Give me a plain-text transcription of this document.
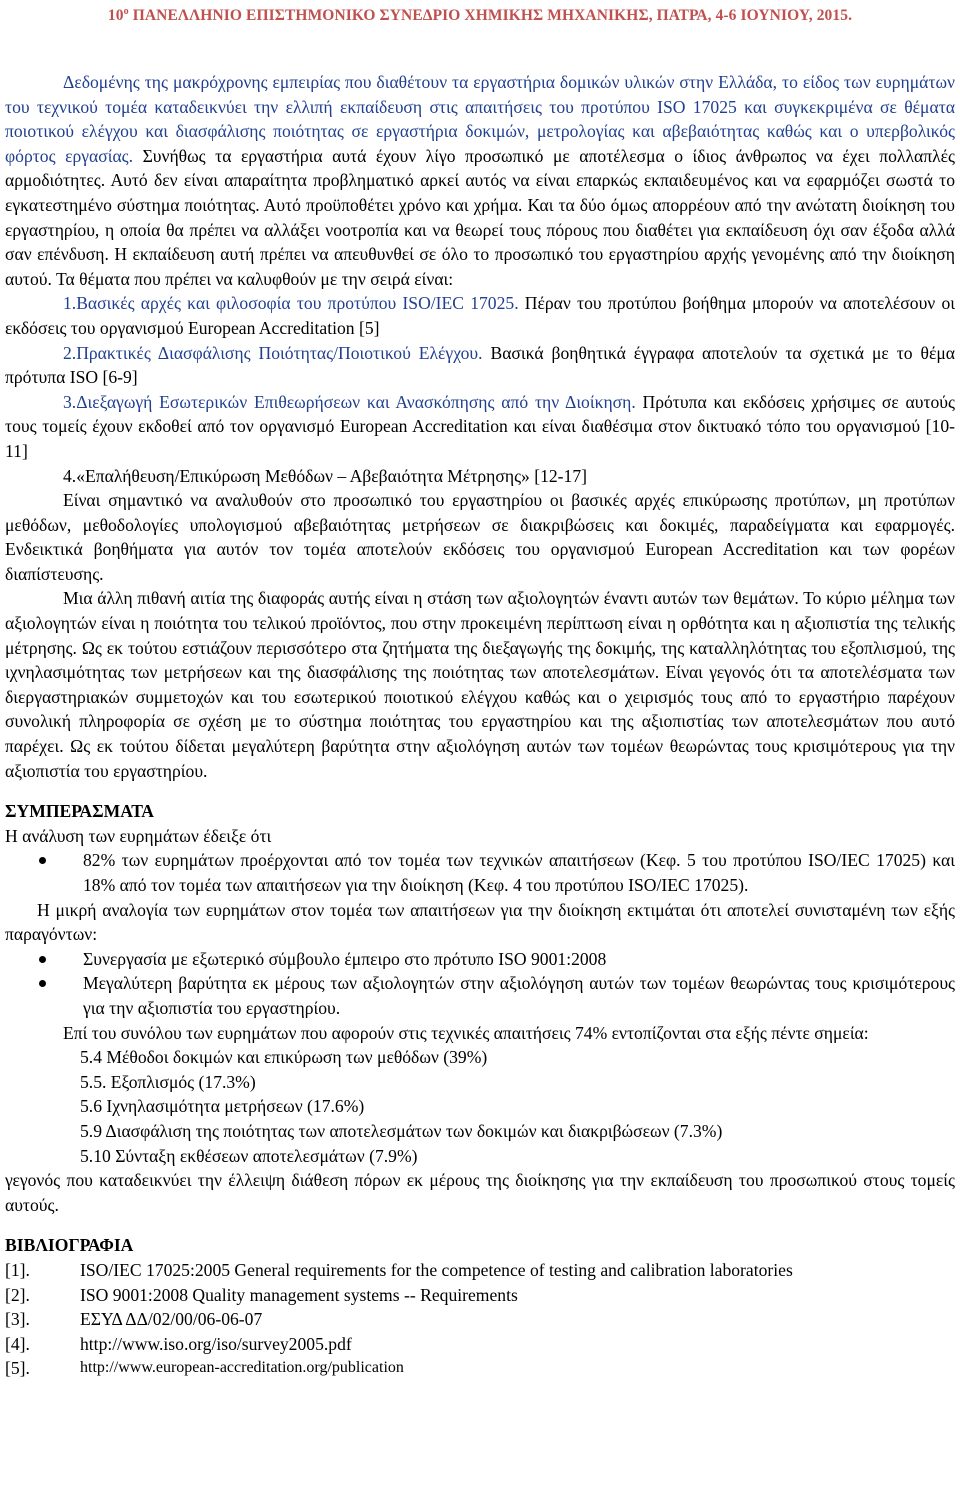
$10^o$ ΠΑΝΕΛΛΗΝΙΟ ΕΠΙΣΤΗΜΟΝΙΚΟ ΣΥΝΕΔΡΙΟ ΧΗΜΙΚΗΣ ΜΗΧΑΝΙΚΗΣ, ΠΑΤΡΑ, 4-6 ΙΟΥΝΙΟΥ, 2015.

Δεδομένης της μακρόχρονης εμπειρίας που διαθέτουν τα εργαστήρια δομικών υλικών στην Ελλάδα, το είδος των ευρημάτων του τεχνικού τομέα καταδεικνύει την ελλιπή εκπαίδευση στις απαιτήσεις του προτύπου ISO 17025 και συγκεκριμένα σε θέματα ποιοτικού ελέγχου και διασφάλισης ποιότητας σε εργαστήρια δοκιμών, μετρολογίας και αβεβαιότητας καθώς και ο υπερβολικός φόρτος εργασίας. Συνήθως τα εργαστήρια αυτά έχουν λίγο προσωπικό με αποτέλεσμα ο ίδιος άνθρωπος να έχει πολλαπλές αρμοδιότητες. Αυτό δεν είναι απαραίτητα προβληματικό αρκεί αυτός να είναι επαρκώς εκπαιδευμένος και να εφαρμόζει σωστά το εγκατεστημένο σύστημα ποιότητας. Αυτό προϋποθέτει χρόνο και χρήμα. Και τα δύο όμως απορρέουν από την ανώτατη διοίκηση του εργαστηρίου, η οποία θα πρέπει να αλλάξει νοοτροπία και να θεωρεί τους πόρους που διαθέτει για εκπαίδευση όχι σαν έξοδα αλλά σαν επένδυση. Η εκπαίδευση αυτή πρέπει να απευθυνθεί σε όλο το προσωπικό του εργαστηρίου αρχής γενομένης από την διοίκηση αυτού. Τα θέματα που πρέπει να καλυφθούν με την σειρά είναι:

1.Βασικές αρχές και φιλοσοφία του προτύπου ISO/IEC 17025. Πέραν του προτύπου βοήθημα μπορούν να αποτελέσουν οι εκδόσεις του οργανισμού European Accreditation [5]

2.Πρακτικές Διασφάλισης Ποιότητας/Ποιοτικού Ελέγχου. Βασικά βοηθητικά έγγραφα αποτελούν τα σχετικά με το θέμα πρότυπα ISO [6-9]

3.Διεξαγωγή Εσωτερικών Επιθεωρήσεων και Ανασκόπησης από την Διοίκηση. Πρότυπα και εκδόσεις χρήσιμες σε αυτούς τους τομείς έχουν εκδοθεί από τον οργανισμό European Accreditation και είναι διαθέσιμα στον δικτυακό τόπο του οργανισμού [10-11]

4.«Επαλήθευση/Επικύρωση Μεθόδων – Αβεβαιότητα Μέτρησης» [12-17]

Είναι σημαντικό να αναλυθούν στο προσωπικό του εργαστηρίου οι βασικές αρχές επικύρωσης προτύπων, μη προτύπων μεθόδων, μεθοδολογίες υπολογισμού αβεβαιότητας μετρήσεων σε διακριβώσεις και δοκιμές, παραδείγματα και εφαρμογές. Ενδεικτικά βοηθήματα για αυτόν τον τομέα αποτελούν εκδόσεις του οργανισμού European Accreditation και των φορέων διαπίστευσης.

Μια άλλη πιθανή αιτία της διαφοράς αυτής είναι η στάση των αξιολογητών έναντι αυτών των θεμάτων. Το κύριο μέλημα των αξιολογητών είναι η ποιότητα του τελικού προϊόντος, που στην προκειμένη περίπτωση είναι η ορθότητα και η αξιοπιστία της τελικής μέτρησης. Ως εκ τούτου εστιάζουν περισσότερο στα ζητήματα της διεξαγωγής της δοκιμής, της καταλληλότητας του εξοπλισμού, της ιχνηλασιμότητας των μετρήσεων και της διασφάλισης της ποιότητας των αποτελεσμάτων. Είναι γεγονός ότι τα αποτελέσματα των διεργαστηριακών συμμετοχών και του εσωτερικού ποιοτικού ελέγχου καθώς και ο χειρισμός τους από το εργαστήριο παρέχουν συνολική πληροφορία σε σχέση με το σύστημα ποιότητας του εργαστηρίου και της αξιοπιστίας των αποτελεσμάτων που αυτό παρέχει. Ως εκ τούτου δίδεται μεγαλύτερη βαρύτητα στην αξιολόγηση αυτών των τομέων θεωρώντας τους κρισιμότερους για την αξιοπιστία του εργαστηρίου.

ΣΥΜΠΕΡΑΣΜΑΤΑ

Η ανάλυση των ευρημάτων έδειξε ότι

82% των ευρημάτων προέρχονται από τον τομέα των τεχνικών απαιτήσεων (Κεφ. 5 του προτύπου ISO/IEC 17025) και 18% από τον τομέα των απαιτήσεων για την διοίκηση (Κεφ. 4 του προτύπου ISO/IEC 17025).

Η μικρή αναλογία των ευρημάτων στον τομέα των απαιτήσεων για την διοίκηση εκτιμάται ότι αποτελεί συνισταμένη των εξής παραγόντων:

Συνεργασία με εξωτερικό σύμβουλο έμπειρο στο πρότυπο ISO 9001:2008
Μεγαλύτερη βαρύτητα εκ μέρους των αξιολογητών στην αξιολόγηση αυτών των τομέων θεωρώντας τους κρισιμότερους για την αξιοπιστία του εργαστηρίου.

Επί του συνόλου των ευρημάτων που αφορούν στις τεχνικές απαιτήσεις 74% εντοπίζονται στα εξής πέντε σημεία:

5.4 Μέθοδοι δοκιμών και επικύρωση των μεθόδων (39%)
5.5. Εξοπλισμός (17.3%)
5.6 Ιχνηλασιμότητα μετρήσεων (17.6%)
5.9 Διασφάλιση της ποιότητας των αποτελεσμάτων των δοκιμών και διακριβώσεων (7.3%)
5.10 Σύνταξη εκθέσεων αποτελεσμάτων (7.9%)

γεγονός που καταδεικνύει την έλλειψη διάθεση πόρων εκ μέρους της διοίκησης για την εκπαίδευση του προσωπικού στους τομείς αυτούς.

ΒΙΒΛΙΟΓΡΑΦΙΑ

[1].	ISO/IEC 17025:2005 General requirements for the competence of testing and calibration laboratories
[2].	ISO 9001:2008 Quality management systems -- Requirements
[3].	ΕΣΥΔ ΔΔ/02/00/06-06-07
[4].	http://www.iso.org/iso/survey2005.pdf
[5].	http://www.european-accreditation.org/publication
